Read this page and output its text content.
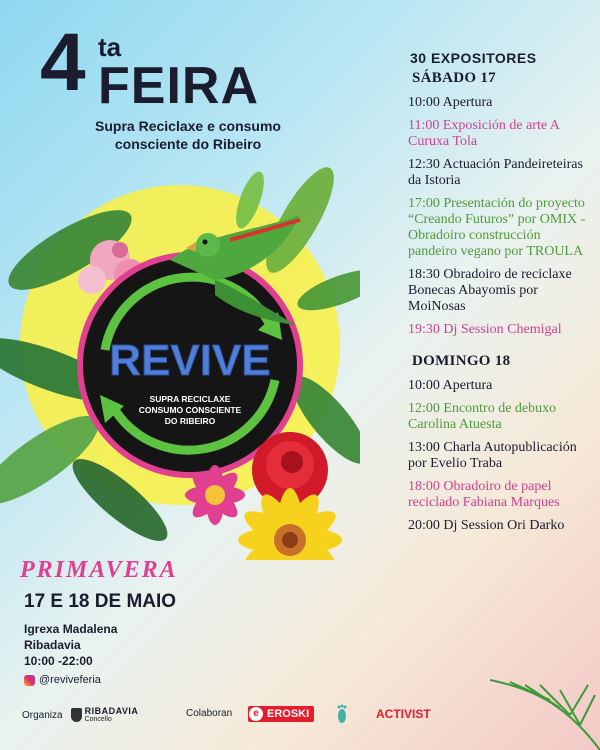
4 ta
FEIRA
Supra Reciclaxe e consumo consciente do Ribeiro
REVIVE
SUPRA RECICLAXE
CONSUMO CONSCIENTE
DO RIBEIRO
PRIMAVERA
17 E 18 DE MAIO
Igrexa Madalena
Ribadavia
10:00 -22:00
@reviveferia
30 EXPOSITORES
SÁBADO 17
10:00 Apertura
11:00 Exposición de arte A Curuxa Tola
12:30 Actuación Pandeireteiras da Istoria
17:00 Presentación do proyecto “Creando Futuros” por OMIX -Obradoiro construcción pandeiro vegano por TROULA
18:30 Obradoiro de reciclaxe Bonecas Abayomis por MoiNosas
19:30 Dj Session Chemigal
DOMINGO 18
10:00 Apertura
12:00 Encontro de debuxo Carolina Atuesta
13:00 Charla Autopublicación por Evelio Traba
18:00 Obradoiro de papel reciclado Fabiana Marques
20:00 Dj Session Ori Darko
Organiza RIBADAVIA
Concello
Colaboran	e EROSKI	ACTIVIST
